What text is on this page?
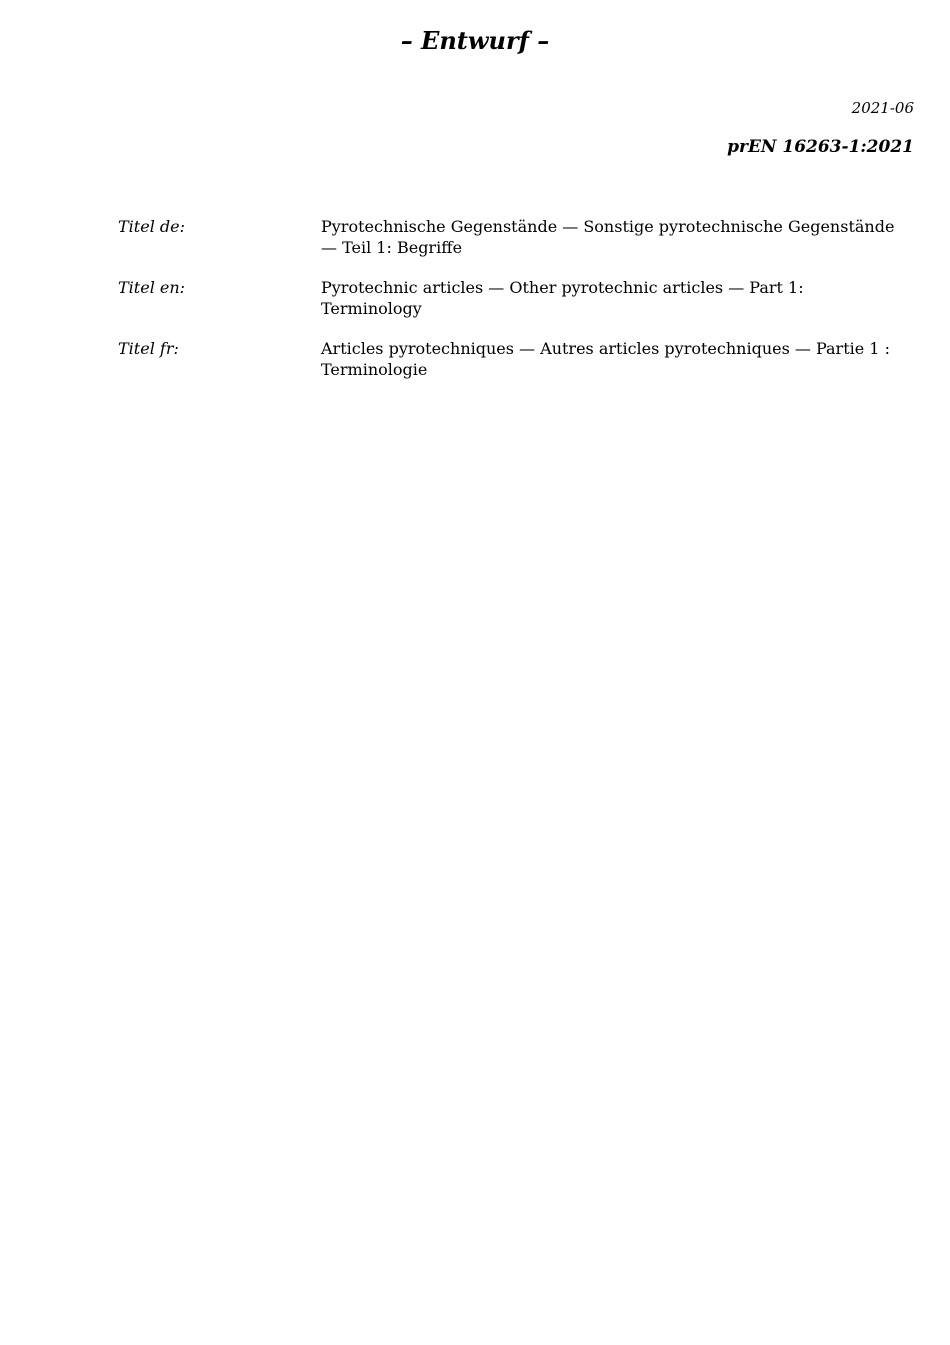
– Entwurf –
2021-06
prEN 16263-1:2021
Titel de:	Pyrotechnische Gegenstände — Sonstige pyrotechnische Gegenstände — Teil 1: Begriffe
Titel en:	Pyrotechnic articles — Other pyrotechnic articles — Part 1: Terminology
Titel fr:	Articles pyrotechniques — Autres articles pyrotechniques — Partie 1 : Terminologie
